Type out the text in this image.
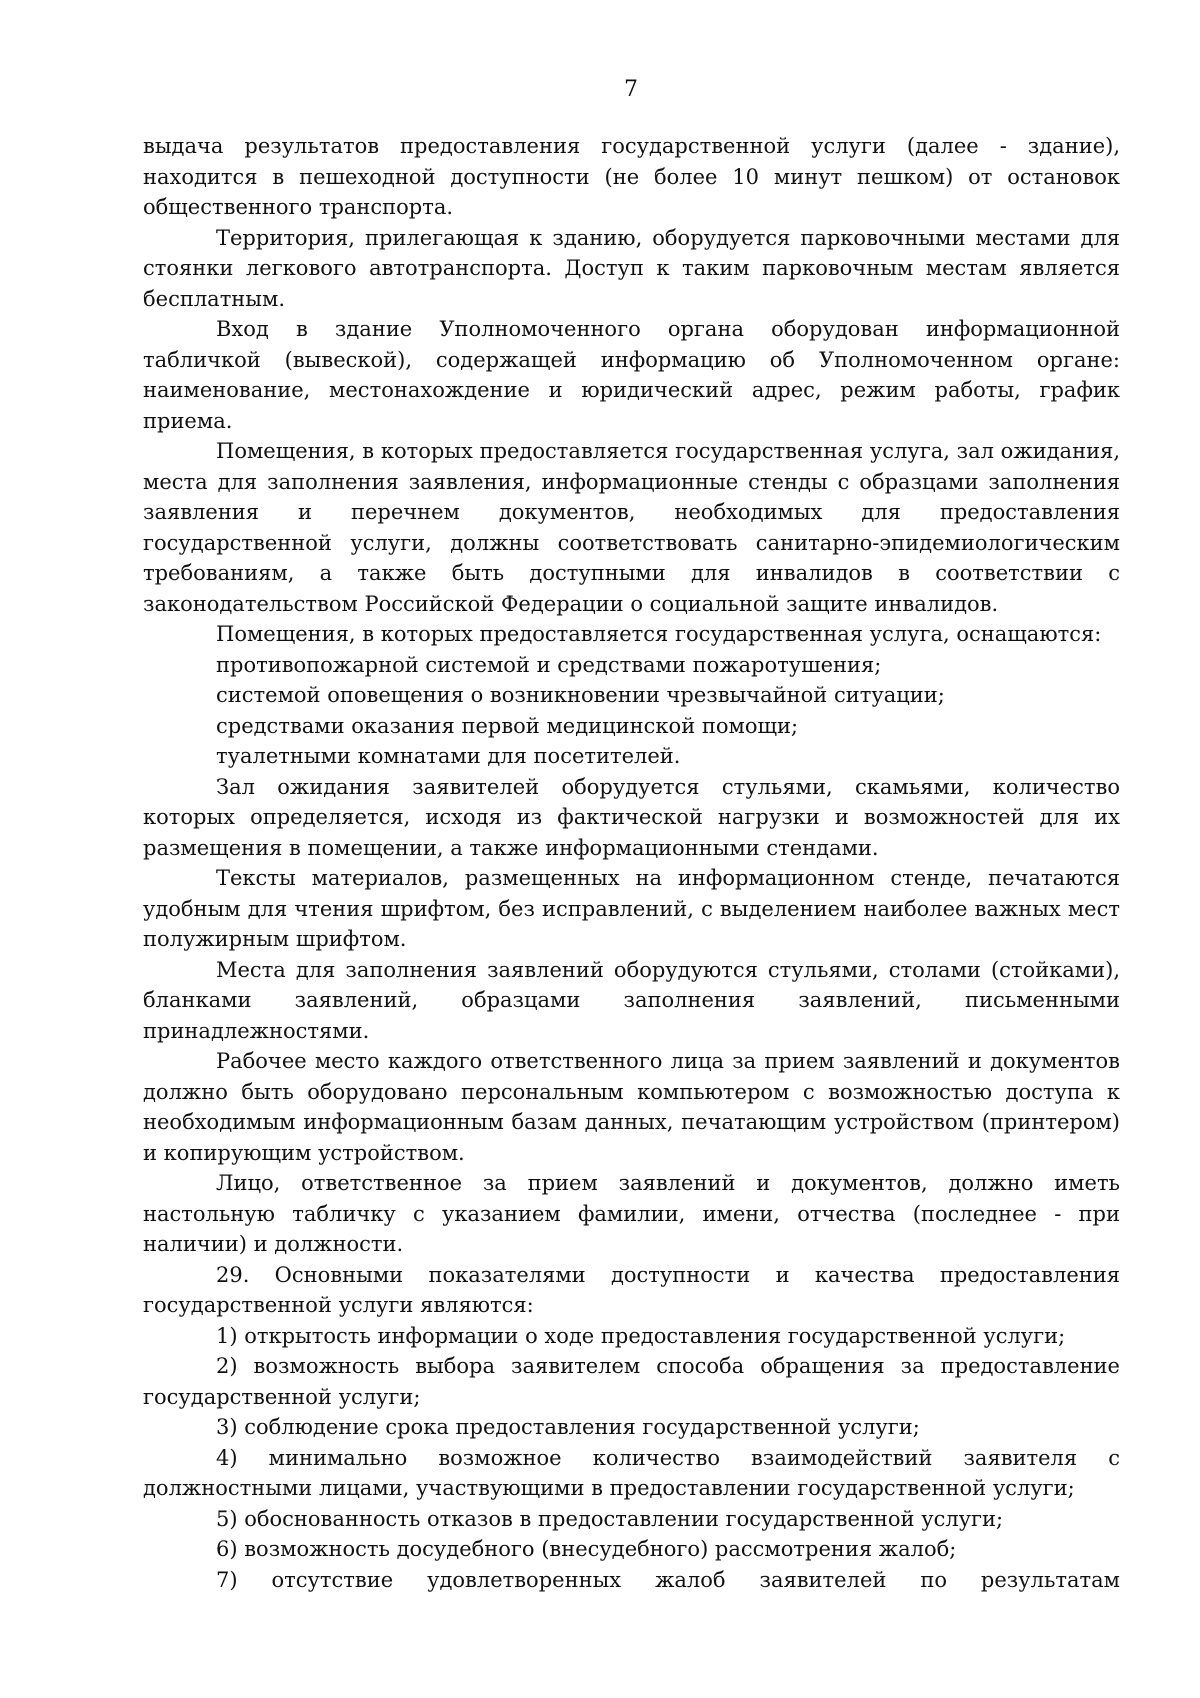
7

выдача результатов предоставления государственной услуги (далее - здание), находится в пешеходной доступности (не более 10 минут пешком) от остановок общественного транспорта.

Территория, прилегающая к зданию, оборудуется парковочными местами для стоянки легкового автотранспорта. Доступ к таким парковочным местам является бесплатным.

Вход в здание Уполномоченного органа оборудован информационной табличкой (вывеской), содержащей информацию об Уполномоченном органе: наименование, местонахождение и юридический адрес, режим работы, график приема.

Помещения, в которых предоставляется государственная услуга, зал ожидания, места для заполнения заявления, информационные стенды с образцами заполнения заявления и перечнем документов, необходимых для предоставления государственной услуги, должны соответствовать санитарно-эпидемиологическим требованиям, а также быть доступными для инвалидов в соответствии с законодательством Российской Федерации о социальной защите инвалидов.

Помещения, в которых предоставляется государственная услуга, оснащаются:

противопожарной системой и средствами пожаротушения;

системой оповещения о возникновении чрезвычайной ситуации;

средствами оказания первой медицинской помощи;

туалетными комнатами для посетителей.

Зал ожидания заявителей оборудуется стульями, скамьями, количество которых определяется, исходя из фактической нагрузки и возможностей для их размещения в помещении, а также информационными стендами.

Тексты материалов, размещенных на информационном стенде, печатаются удобным для чтения шрифтом, без исправлений, с выделением наиболее важных мест полужирным шрифтом.

Места для заполнения заявлений оборудуются стульями, столами (стойками), бланками заявлений, образцами заполнения заявлений, письменными принадлежностями.

Рабочее место каждого ответственного лица за прием заявлений и документов должно быть оборудовано персональным компьютером с возможностью доступа к необходимым информационным базам данных, печатающим устройством (принтером) и копирующим устройством.

Лицо, ответственное за прием заявлений и документов, должно иметь настольную табличку с указанием фамилии, имени, отчества (последнее - при наличии) и должности.

29. Основными показателями доступности и качества предоставления государственной услуги являются:

1) открытость информации о ходе предоставления государственной услуги;

2) возможность выбора заявителем способа обращения за предоставление государственной услуги;

3) соблюдение срока предоставления государственной услуги;

4) минимально возможное количество взаимодействий заявителя с должностными лицами, участвующими в предоставлении государственной услуги;

5) обоснованность отказов в предоставлении государственной услуги;

6) возможность досудебного (внесудебного) рассмотрения жалоб;

7) отсутствие удовлетворенных жалоб заявителей по результатам
